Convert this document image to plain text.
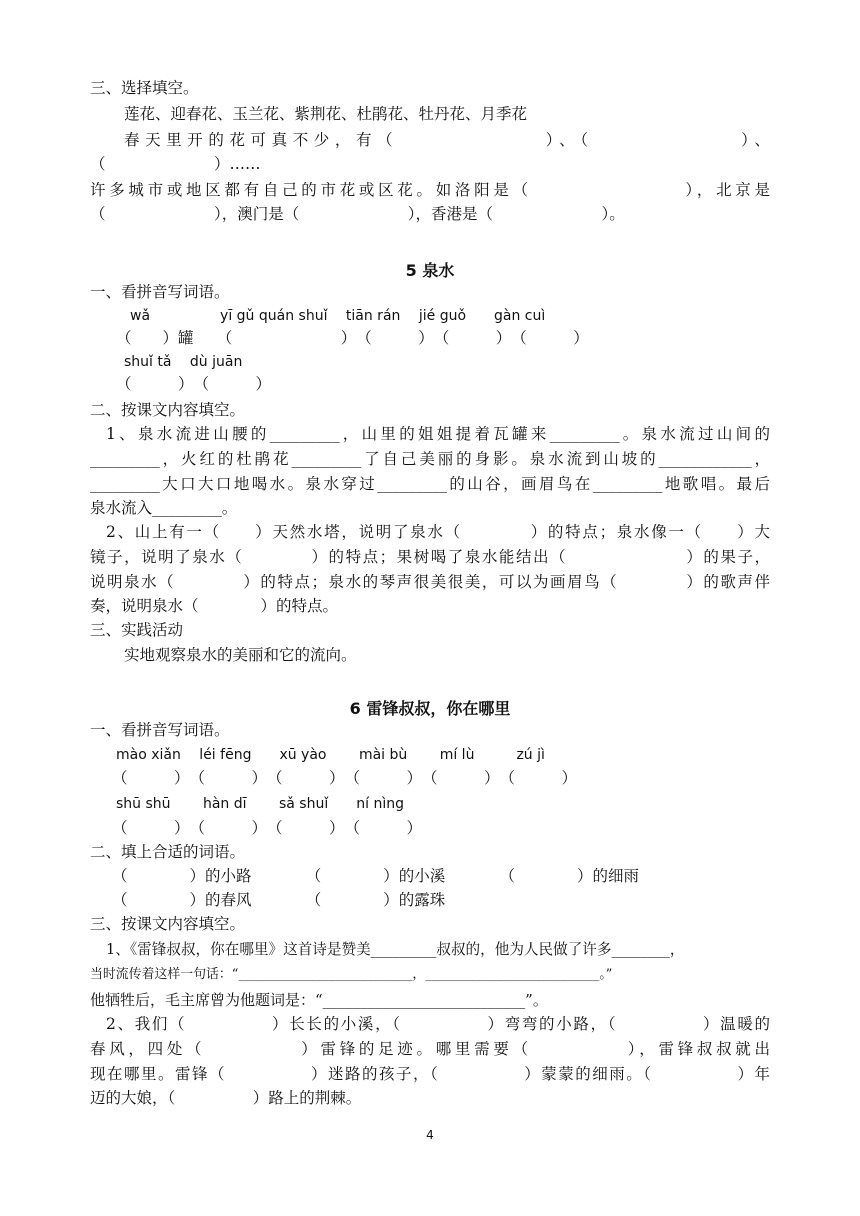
三、选择填空。
莲花、迎春花、玉兰花、紫荆花、杜鹃花、牡丹花、月季花
春天里开的花可真不少，有（　　　　　　　）、（　　　　　　　）、
（　　　　　　　）……
许多城市或地区都有自己的市花或区花。如洛阳是（　　　　　　　　），北京是
（　　　　　　　），澳门是（　　　　　　　），香港是（　　　　　　　）。
5 泉水
一、看拼音写词语。
wǎ　　　　　yī gǔ quán shuǐ　 tiān rán　 jié guǒ　　gàn cuì
（　　）罐　　（　　　　　　　）　（　　　）　（　　　）　（　　　）
shuǐ tǎ　 dù juān
（　　　）　（　　　）
二、按课文内容填空。
1、泉水流进山腰的_________，山里的姐姐提着瓦罐来_________。泉水流过山间的
_________，火红的杜鹃花_________了自己美丽的身影。泉水流到山坡的____________，
_________大口大口地喝水。泉水穿过_________的山谷，画眉鸟在_________地歌唱。最后
泉水流入_________。
2、山上有一（　　）天然水塔，说明了泉水（　　　　）的特点；泉水像一（　　）大
镜子，说明了泉水（　　　　）的特点；果树喝了泉水能结出（　　　　　　　）的果子，
说明泉水（　　　　）的特点；泉水的琴声很美很美，可以为画眉鸟（　　　　）的歌声伴
奏，说明泉水（　　　　）的特点。
三、实践活动
实地观察泉水的美丽和它的流向。
6 雷锋叔叔，你在哪里
一、看拼音写词语。
mào xiǎn　 léi fēng　　xū yào　　 mài bù　　 mí lù　　　zú jì
（　　　）　（　　　）　（　　　）　（　　　）　（　　　）　（　　　）
shū shū　　 hàn dī　　 sǎ shuǐ　　ní nìng
（　　　）　（　　　）　（　　　）　（　　　）
二、填上合适的词语。
（　　　　）的小路　　　　（　　　　）的小溪　　　　（　　　　）的细雨
（　　　　）的春风　　　　（　　　　）的露珠
三、按课文内容填空。
1、《雷锋叔叔，你在哪里》这首诗是赞美_________叔叔的，他为人民做了许多________，
当时流传着这样一句话：“___________________________，___________________________。”
他牺牲后，毛主席曾为他题词是：“___________________________”。
2、我们（　　　　　）长长的小溪，（　　　　　）弯弯的小路，（　　　　　）温暖的
春风，四处（　　　　　）雷锋的足迹。哪里需要（　　　　　），雷锋叔叔就出
现在哪里。雷锋（　　　　　）迷路的孩子，（　　　　　）蒙蒙的细雨。（　　　　　）年
迈的大娘，（　　　　　）路上的荆棘。
4
